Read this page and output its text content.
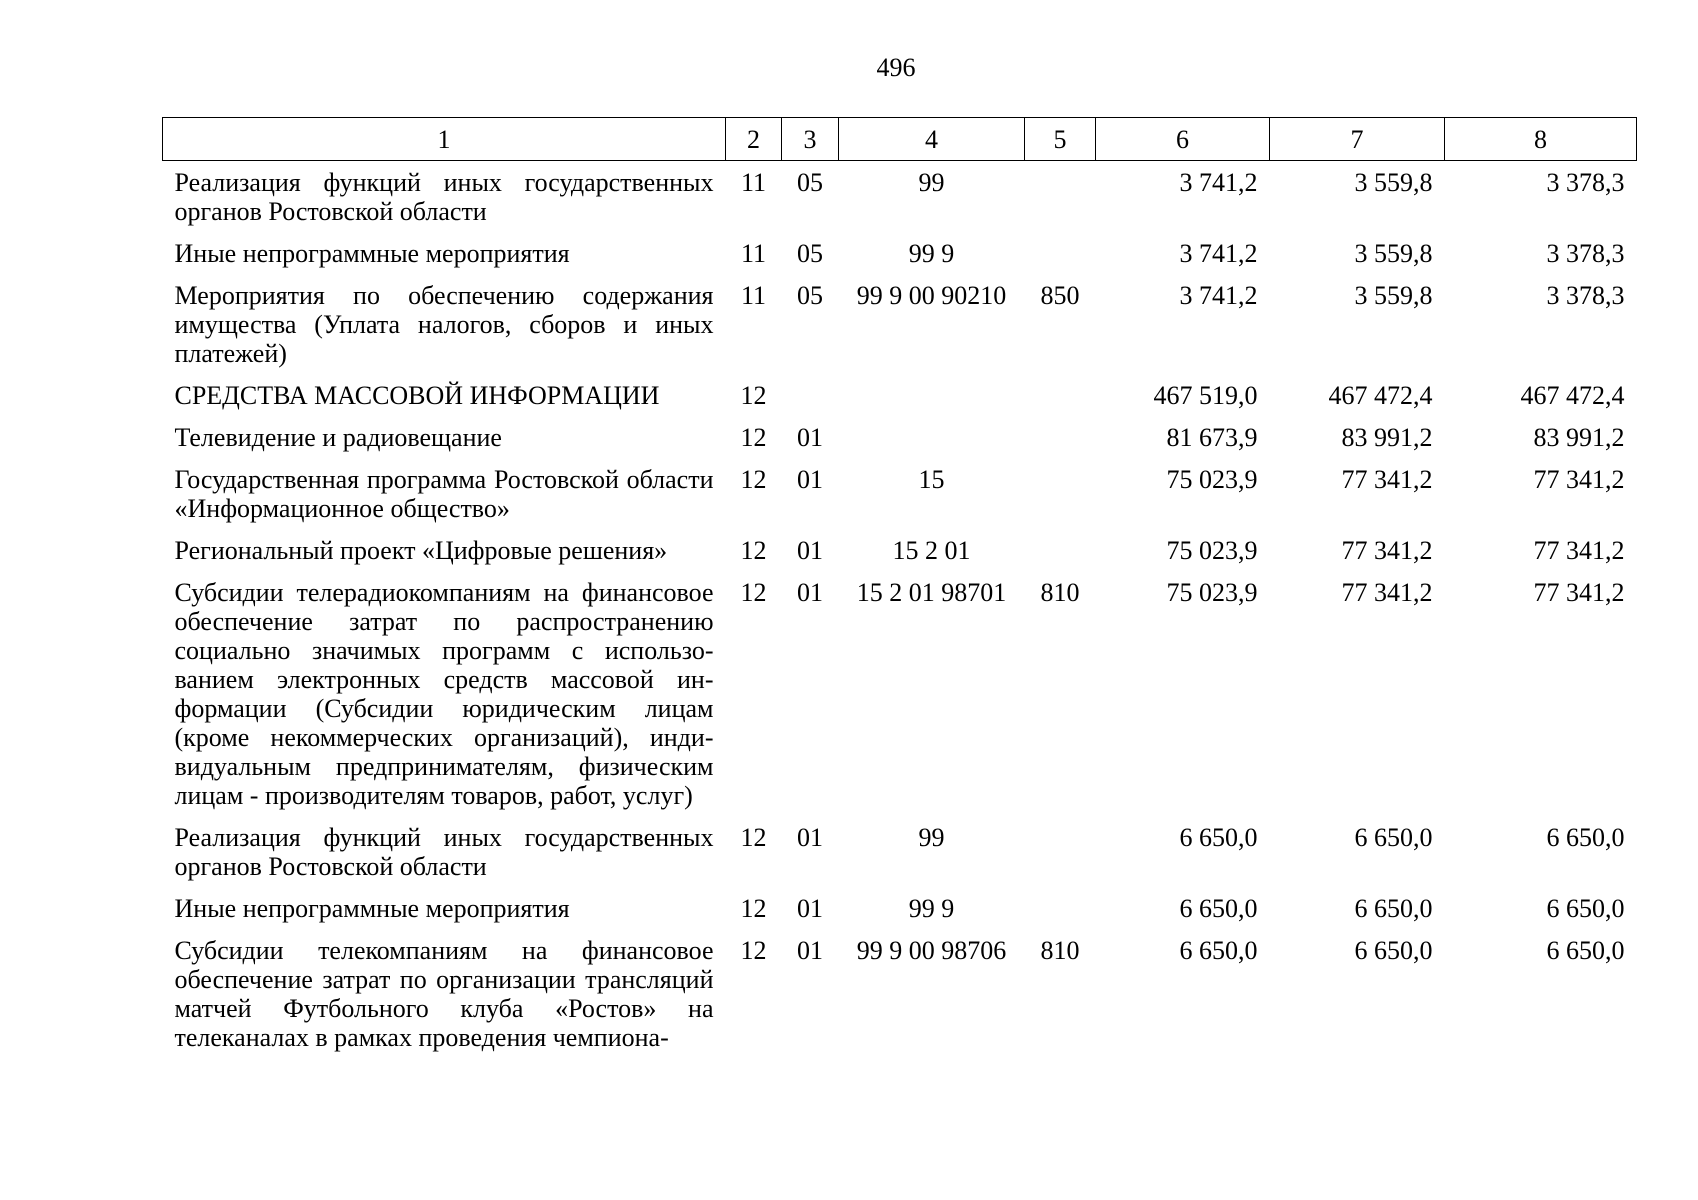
496
1	2	3	4	5	6	7	8
Реализация функций иных государственных органов Ростовской области	11	05	99		3 741,2	3 559,8	3 378,3
Иные непрограммные мероприятия	11	05	99 9		3 741,2	3 559,8	3 378,3
Мероприятия по обеспечению содержания имущества (Уплата налогов, сборов и иных платежей)	11	05	99 9 00 90210	850	3 741,2	3 559,8	3 378,3
СРЕДСТВА МАССОВОЙ ИНФОРМАЦИИ	12				467 519,0	467 472,4	467 472,4
Телевидение и радиовещание	12	01			81 673,9	83 991,2	83 991,2
Государственная программа Ростовской области «Информационное общество»	12	01	15		75 023,9	77 341,2	77 341,2
Региональный проект «Цифровые решения»	12	01	15 2 01		75 023,9	77 341,2	77 341,2
Субсидии телерадиокомпаниям на финансовое обеспечение затрат по распространению социально значимых программ с использованием электронных средств массовой информации (Субсидии юридическим лицам (кроме некоммерческих организаций), индивидуальным предпринимателям, физическим лицам - производителям товаров, работ, услуг)	12	01	15 2 01 98701	810	75 023,9	77 341,2	77 341,2
Реализация функций иных государственных органов Ростовской области	12	01	99		6 650,0	6 650,0	6 650,0
Иные непрограммные мероприятия	12	01	99 9		6 650,0	6 650,0	6 650,0
Субсидии телекомпаниям на финансовое обеспечение затрат по организации трансляций матчей Футбольного клуба «Ростов» на телеканалах в рамках проведения чемпиона-	12	01	99 9 00 98706	810	6 650,0	6 650,0	6 650,0
